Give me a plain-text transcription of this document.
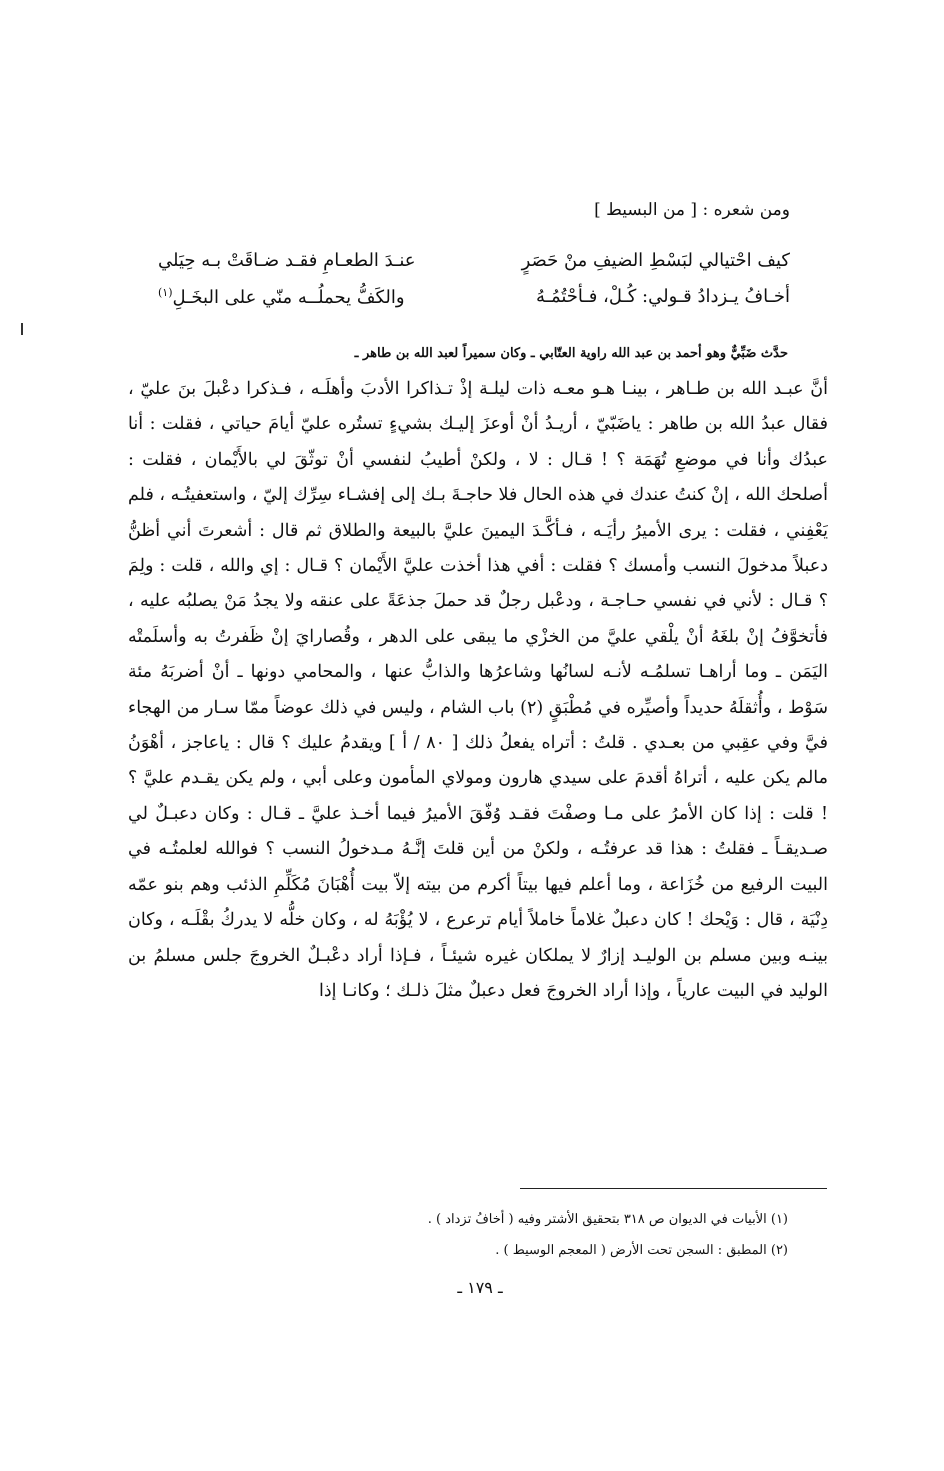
ومن شعره : [ من البسيط ]
كيف احْتيالي لبَسْطِ الضيفِ منْ حَصَرٍ
عنـدَ الطعـامِ فقـد ضـاقَتْ بـه حِيَلي
أخـافُ يـزدادُ قـولي: كُـلْ، فـأحْتُمُـهُ
والكَفُّ يحملُــه منّي على البخَـلِ$^{(١)}$
حدَّث ضَبِّيٌّ وهو أحمد بن عبد الله راوية العتّابي ـ وكان سميراً لعبد الله بن طاهر ـ
أنَّ عبـد الله بن طـاهر ، بينـا هـو معـه ذات ليلـة إذْ تـذاكرا الأدبَ وأهلَـه ، فـذكرا دعْبلَ بنَ عليّ ، فقال عبدُ الله بن طاهر : ياضَبّيّ ، أريـدُ أنْ أوعزَ إليـك بشيءٍ تستُره عليّ أيامَ حياتي ، فقلت : أنا عبدُك وأنا في موضعِ تُهَمَة ؟ ! قـال : لا ، ولكنْ أطيبُ لنفسي أنْ توثّقَ لي بالأَيْمان ، فقلت : أصلحك الله ، إنْ كنتُ عندك في هذه الحال فلا حاجـةَ بـك إلى إفشـاء سِرِّك إليّ ، واستعفيتُـه ، فلم يَعْفِني ، فقلت : يرى الأميرُ رأيَـه ، فـأكَّـدَ اليمينَ عليَّ بالبيعة والطلاق ثم قال : أشعرتَ أني أظنُّ دعبلاً مدخولَ النسب وأمسك ؟ فقلت : أفي هذا أخذت عليَّ الأَيْمان ؟ قـال : إي والله ، قلت : ولِمَ ؟ قـال : لأني في نفسي حـاجـة ، ودعْبل رجلٌ قد حملَ جذعَةً على عنقه ولا يجدُ مَنْ يصلبُه عليه ، فأتخوَّفُ إنْ بلغَهُ أنْ يلْقي عليَّ من الخزْي ما يبقى على الدهر ، وقُصارايَ إنْ ظَفرتُ به وأسلَمتْه اليَمَن ـ وما أراهـا تسلمُـه لأنـه لسانُها وشاعرُها والذابُّ عنها ، والمحامي دونها ـ أنْ أضربَهُ مئة سَوْط ، وأُثقلَهُ حديداً وأصيِّره في مُطْبَقٍ (٢) باب الشام ، وليس في ذلك عوضاً ممّا سـار من الهجاء فيَّ وفي عقِبي من بعـدي . قلتُ : أتراه يفعلُ ذلك [ ٨٠ / أ ] ويقدمُ عليك ؟ قال : ياعاجز ، أهْوَنُ مالم يكن عليه ، أتراهُ أقدمَ على سيدي هارون ومولاي المأمون وعلى أبي ، ولم يكن يقـدم عليَّ ؟ ! قلت : إذا كان الأمرُ على مـا وصفْتَ فقـد وُفّقَ الأميرُ فيما أخـذ عليَّ ـ قـال : وكان دعبـلٌ لي صـديقـاً ـ فقلتُ : هذا قد عرفتُـه ، ولكنْ من أين قلتَ إنَّـهُ مـدخولُ النسب ؟ فوالله لعلمتُـه في البيت الرفيع من خُزَاعة ، وما أعلم فيها بيتاً أكرم من بيته إلاّ بيت أُهْبَانَ مُكَلِّمِ الذئب وهم بنو عمّه دِنْيَة ، قال : وَيْحك ! كان دعبلٌ غلاماً خاملاً أيام ترعرع ، لا يُؤْبَهُ له ، وكان خلُّه لا يدركُ بقْلَـه ، وكان بينـه وبين مسلم بن الوليـد إزارٌ لا يملكان غيره شيئـاً ، فـإذا أراد دعْبـلٌ الخروجَ جلس مسلمُ بن الوليد في البيت عارياً ، وإذا أراد الخروجَ فعل دعبلٌ مثلَ ذلـك ؛ وكانـا إذا
(١) الأبيات في الديوان ص ٣١٨ بتحقيق الأشتر وفيه ( أخافُ تزداد ) .
(٢) المطبق : السجن تحت الأرض ( المعجم الوسيط ) .
ـ ١٧٩ ـ
